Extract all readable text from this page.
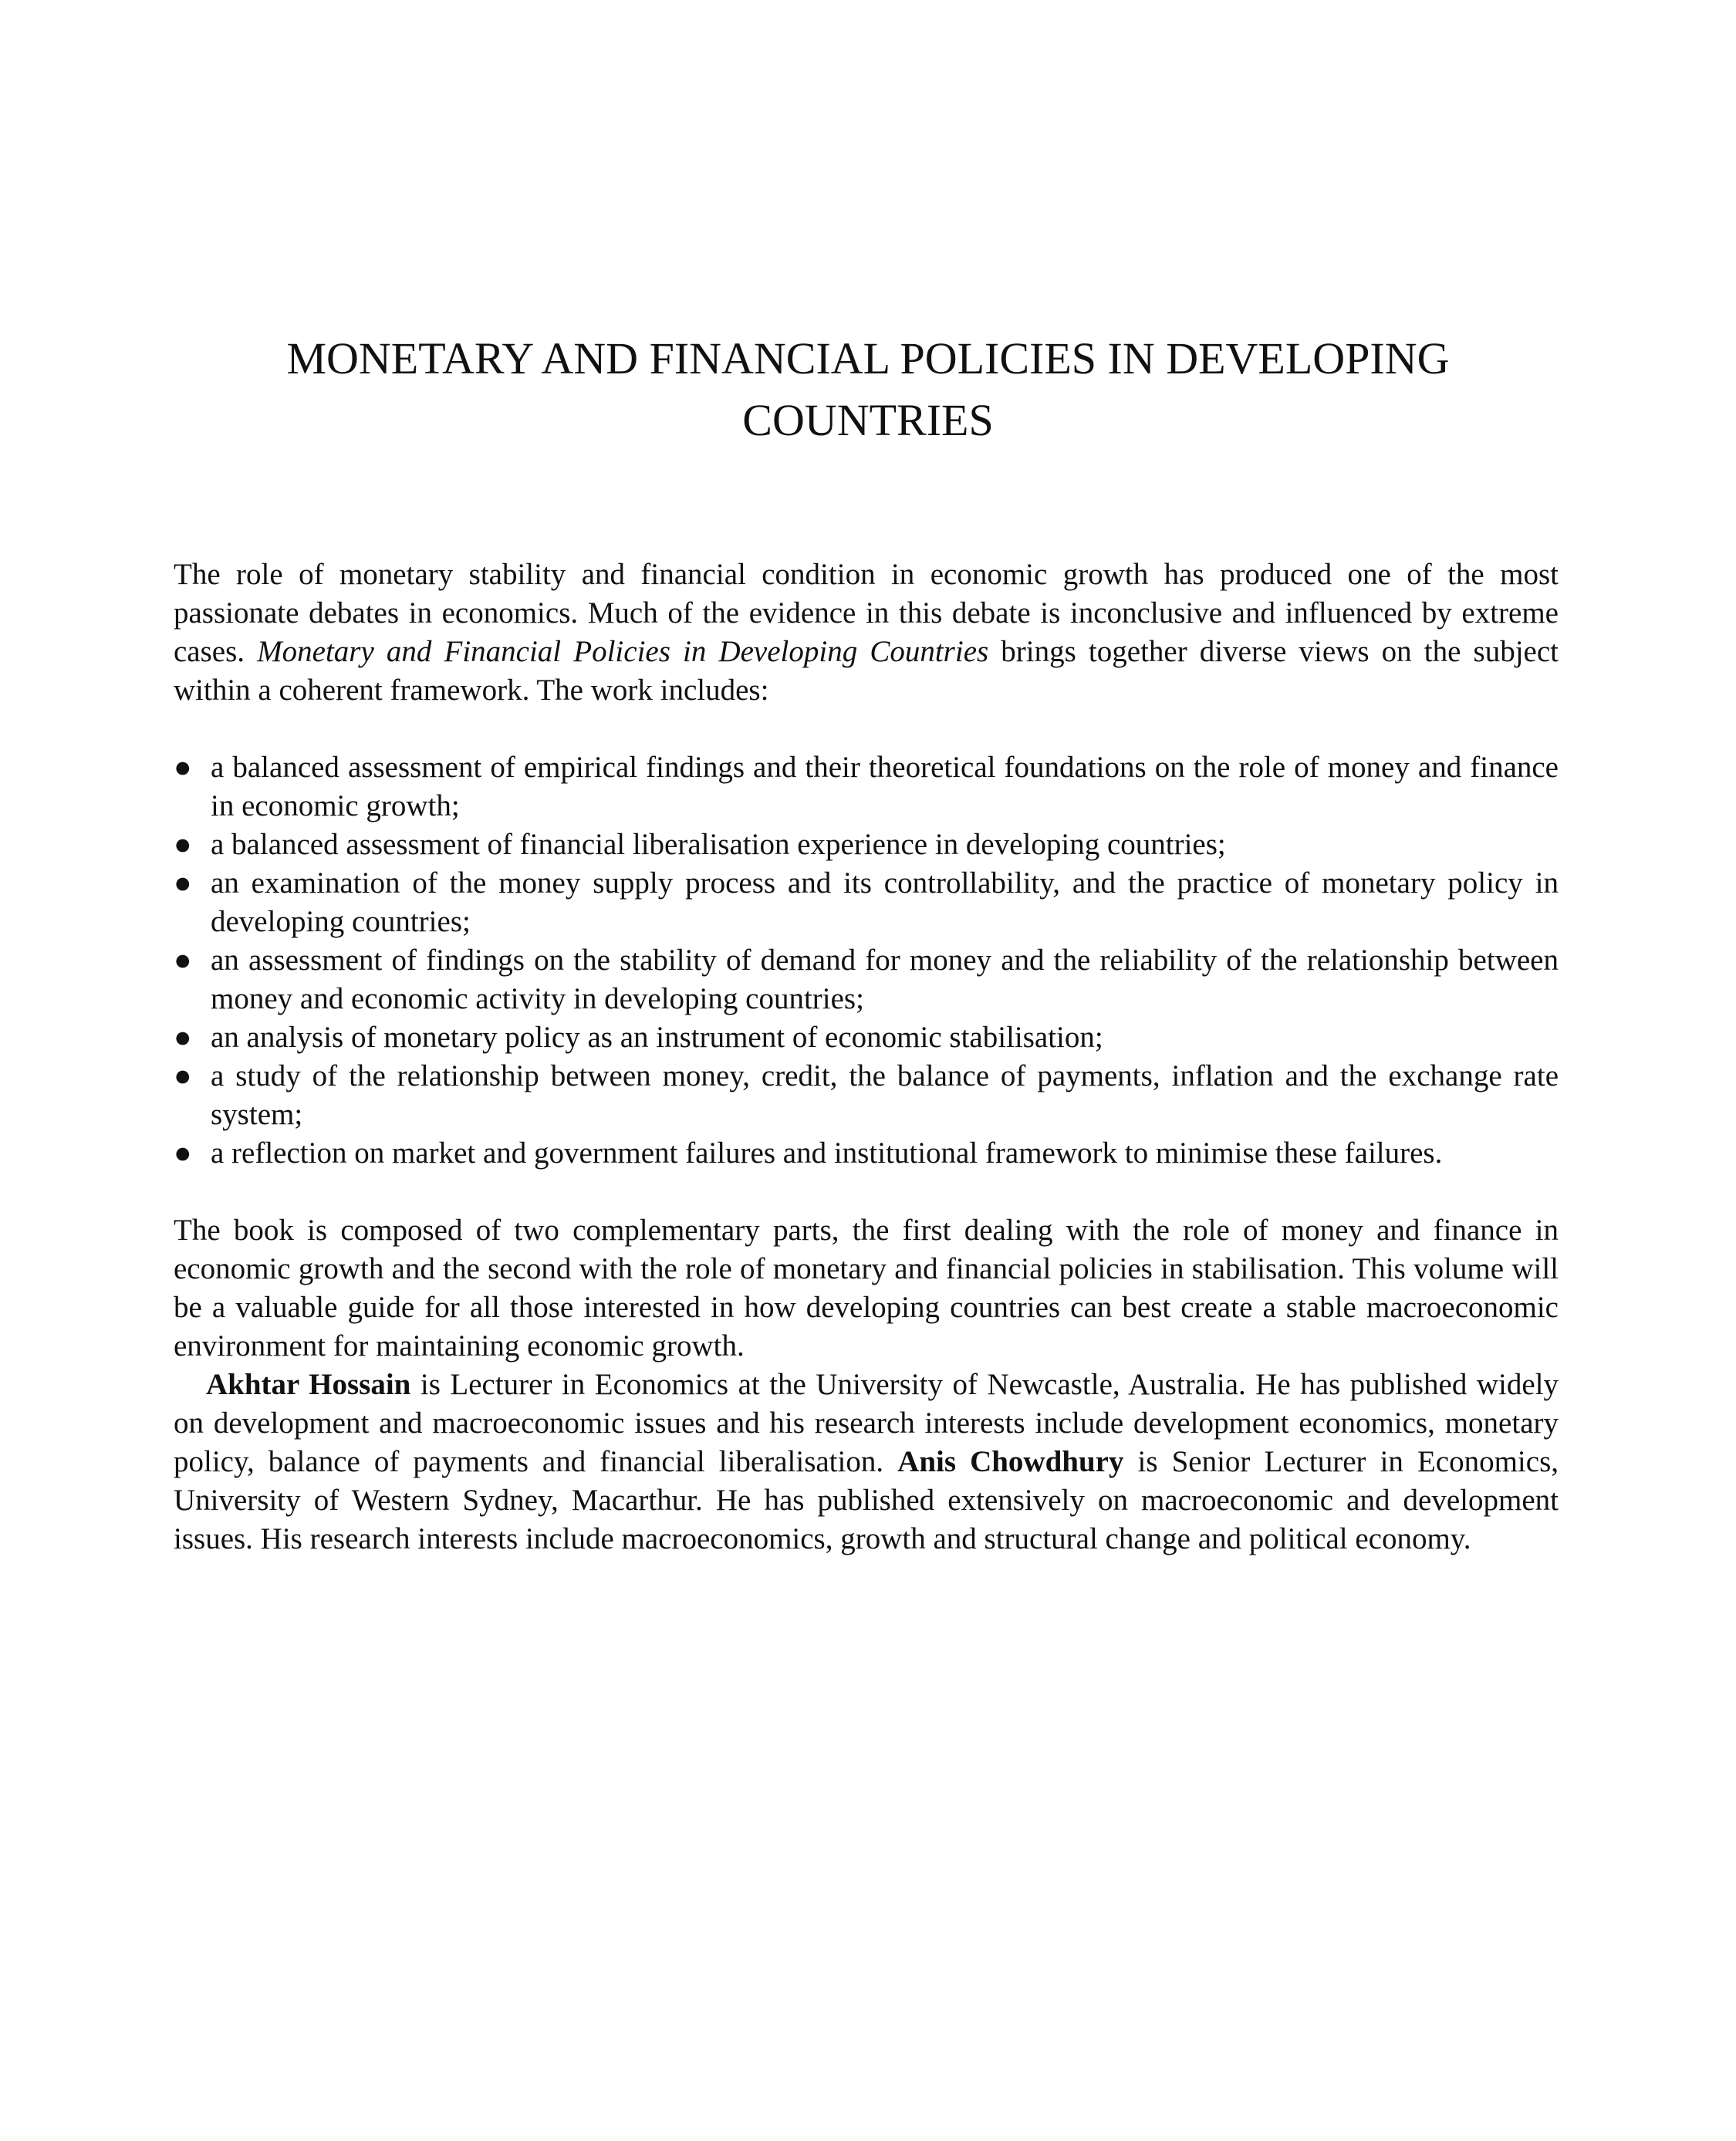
MONETARY AND FINANCIAL POLICIES IN DEVELOPING
COUNTRIES

The role of monetary stability and financial condition in economic growth has produced one of the most passionate debates in economics. Much of the evidence in this debate is inconclusive and influenced by extreme cases. Monetary and Financial Policies in Developing Countries brings together diverse views on the subject within a coherent framework. The work includes:

● a balanced assessment of empirical findings and their theoretical foundations on the role of money and finance in economic growth;
● a balanced assessment of financial liberalisation experience in developing countries;
● an examination of the money supply process and its controllability, and the practice of monetary policy in developing countries;
● an assessment of findings on the stability of demand for money and the reliability of the relationship between money and economic activity in developing countries;
● an analysis of monetary policy as an instrument of economic stabilisation;
● a study of the relationship between money, credit, the balance of payments, inflation and the exchange rate system;
● a reflection on market and government failures and institutional framework to minimise these failures.

The book is composed of two complementary parts, the first dealing with the role of money and finance in economic growth and the second with the role of monetary and financial policies in stabilisation. This volume will be a valuable guide for all those interested in how developing countries can best create a stable macroeconomic environment for maintaining economic growth.

Akhtar Hossain is Lecturer in Economics at the University of Newcastle, Australia. He has published widely on development and macroeconomic issues and his research interests include development economics, monetary policy, balance of payments and financial liberalisation. Anis Chowdhury is Senior Lecturer in Economics, University of Western Sydney, Macarthur. He has published extensively on macroeconomic and development issues. His research interests include macroeconomics, growth and structural change and political economy.
